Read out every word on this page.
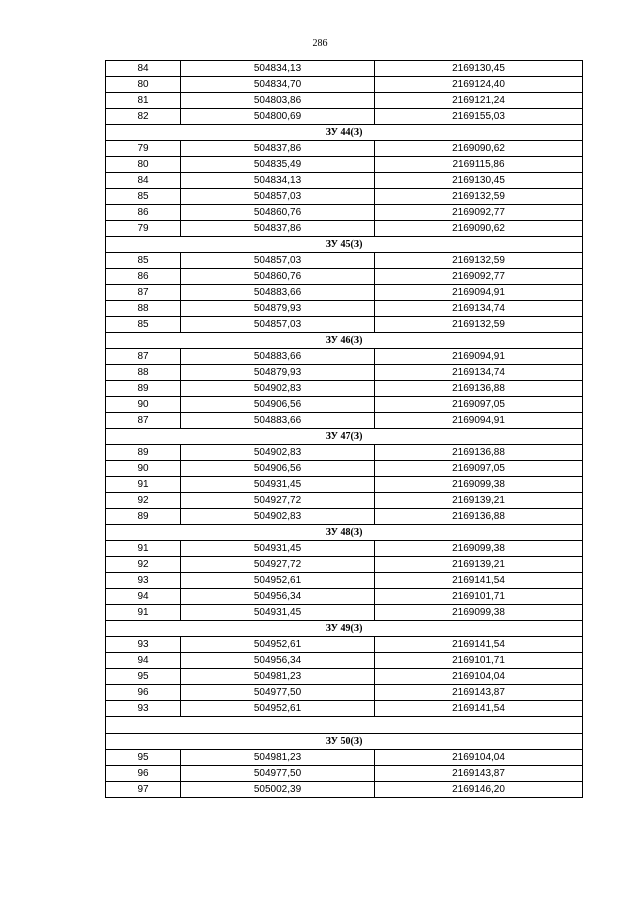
286
84	504834,13	2169130,45
80	504834,70	2169124,40
81	504803,86	2169121,24
82	504800,69	2169155,03
ЗУ 44(З)		
79	504837,86	2169090,62
80	504835,49	2169115,86
84	504834,13	2169130,45
85	504857,03	2169132,59
86	504860,76	2169092,77
79	504837,86	2169090,62
ЗУ 45(З)		
85	504857,03	2169132,59
86	504860,76	2169092,77
87	504883,66	2169094,91
88	504879,93	2169134,74
85	504857,03	2169132,59
ЗУ 46(З)		
87	504883,66	2169094,91
88	504879,93	2169134,74
89	504902,83	2169136,88
90	504906,56	2169097,05
87	504883,66	2169094,91
ЗУ 47(З)		
89	504902,83	2169136,88
90	504906,56	2169097,05
91	504931,45	2169099,38
92	504927,72	2169139,21
89	504902,83	2169136,88
ЗУ 48(З)		
91	504931,45	2169099,38
92	504927,72	2169139,21
93	504952,61	2169141,54
94	504956,34	2169101,71
91	504931,45	2169099,38
ЗУ 49(З)		
93	504952,61	2169141,54
94	504956,34	2169101,71
95	504981,23	2169104,04
96	504977,50	2169143,87
93	504952,61	2169141,54

ЗУ 50(З)		
95	504981,23	2169104,04
96	504977,50	2169143,87
97	505002,39	2169146,20
